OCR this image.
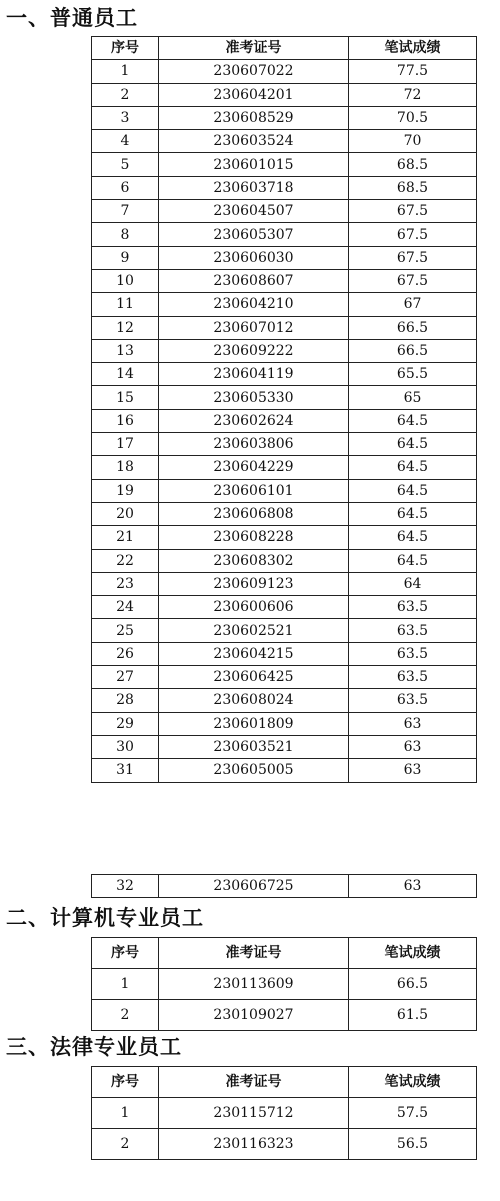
一、普通员工
序号	准考证号	笔试成绩
1	230607022	77.5
2	230604201	72
3	230608529	70.5
4	230603524	70
5	230601015	68.5
6	230603718	68.5
7	230604507	67.5
8	230605307	67.5
9	230606030	67.5
10	230608607	67.5
11	230604210	67
12	230607012	66.5
13	230609222	66.5
14	230604119	65.5
15	230605330	65
16	230602624	64.5
17	230603806	64.5
18	230604229	64.5
19	230606101	64.5
20	230606808	64.5
21	230608228	64.5
22	230608302	64.5
23	230609123	64
24	230600606	63.5
25	230602521	63.5
26	230604215	63.5
27	230606425	63.5
28	230608024	63.5
29	230601809	63
30	230603521	63
31	230605005	63
32	230606725	63
二、计算机专业员工
序号	准考证号	笔试成绩
1	230113609	66.5
2	230109027	61.5
三、法律专业员工
序号	准考证号	笔试成绩
1	230115712	57.5
2	230116323	56.5
